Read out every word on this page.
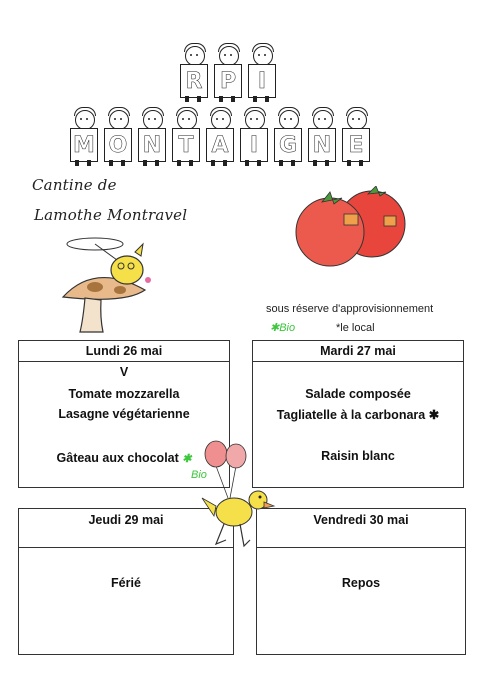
R P I
M O N T A I G N E
Cantine de
Lamothe Montravel
sous réserve d'approvisionnement
✱Bio	*le local
Lundi 26 mai
V
Tomate mozzarella
Lasagne végétarienne
Gâteau aux chocolat ✱
Bio
Mardi 27 mai
Salade composée
Tagliatelle à la carbonara ✱
Raisin blanc
Jeudi 29 mai
Férié
Vendredi 30 mai
Repos
